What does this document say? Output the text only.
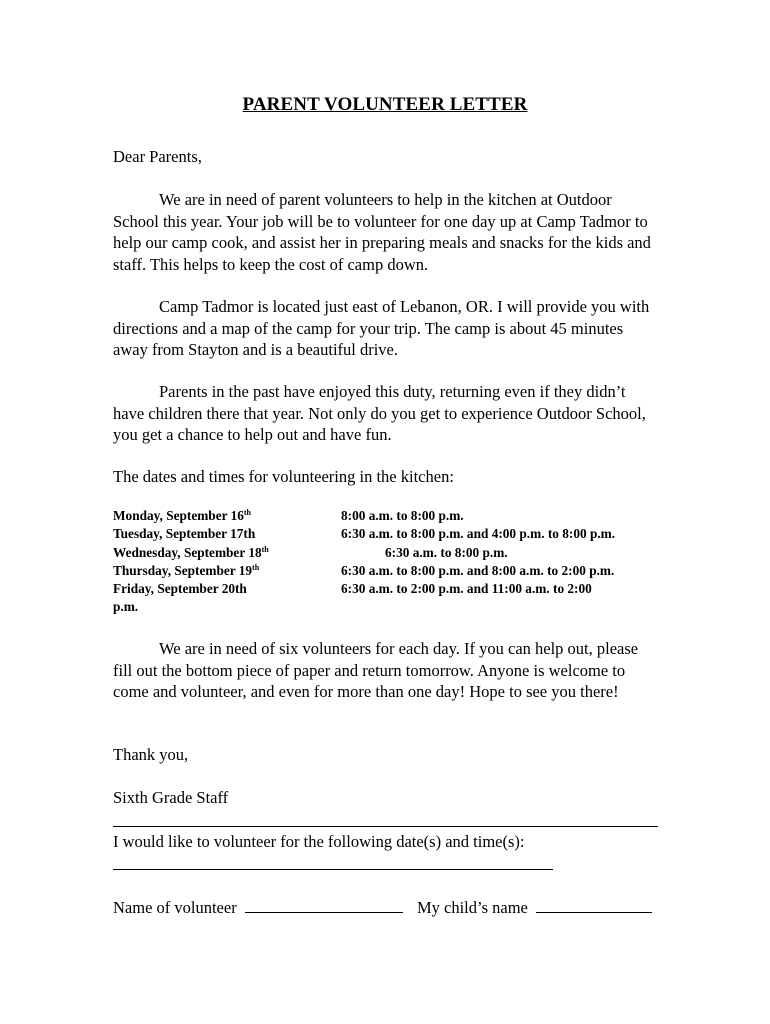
PARENT VOLUNTEER LETTER

Dear Parents,

We are in need of parent volunteers to help in the kitchen at Outdoor School this year. Your job will be to volunteer for one day up at Camp Tadmor to help our camp cook, and assist her in preparing meals and snacks for the kids and staff. This helps to keep the cost of camp down.

Camp Tadmor is located just east of Lebanon, OR. I will provide you with directions and a map of the camp for your trip. The camp is about 45 minutes away from Stayton and is a beautiful drive.

Parents in the past have enjoyed this duty, returning even if they didn’t have children there that year. Not only do you get to experience Outdoor School, you get a chance to help out and have fun.

The dates and times for volunteering in the kitchen:

Monday, September 16th	8:00 a.m. to 8:00 p.m.
Tuesday, September 17th	6:30 a.m. to 8:00 p.m. and 4:00 p.m. to 8:00 p.m.
Wednesday, September 18th	6:30 a.m. to 8:00 p.m.
Thursday, September 19th	6:30 a.m. to 8:00 p.m. and 8:00 a.m. to 2:00 p.m.
Friday, September 20th	6:30 a.m. to 2:00 p.m. and 11:00 a.m. to 2:00
p.m.

We are in need of six volunteers for each day. If you can help out, please fill out the bottom piece of paper and return tomorrow. Anyone is welcome to come and volunteer, and even for more than one day! Hope to see you there!

Thank you,

Sixth Grade Staff

I would like to volunteer for the following date(s) and time(s):

Name of volunteer	My child’s name
